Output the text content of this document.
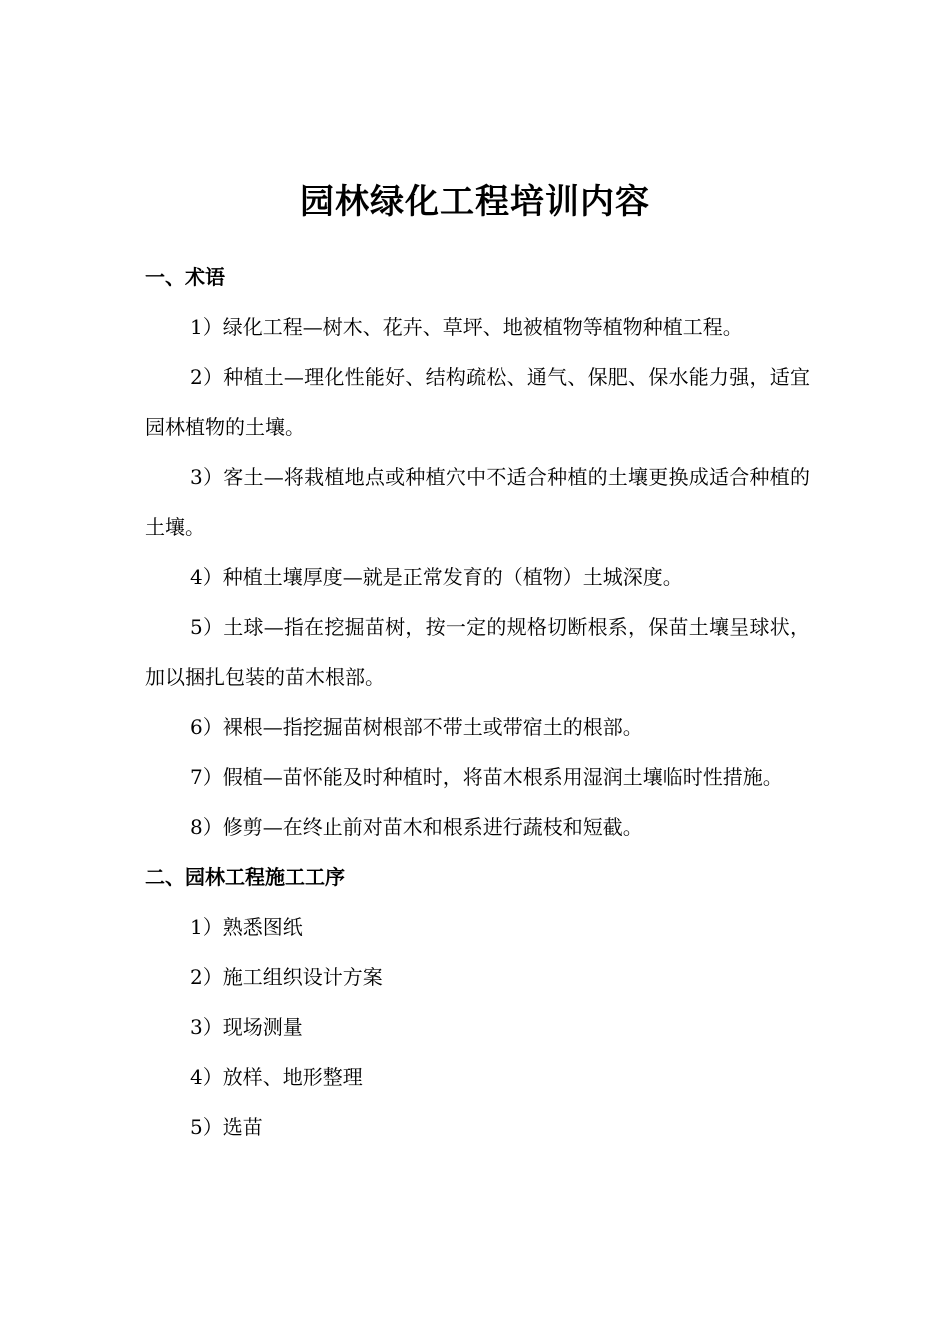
园林绿化工程培训内容

一、术语

1）绿化工程—树木、花卉、草坪、地被植物等植物种植工程。

2）种植土—理化性能好、结构疏松、通气、保肥、保水能力强，适宜园林植物的土壤。

3）客土—将栽植地点或种植穴中不适合种植的土壤更换成适合种植的土壤。

4）种植土壤厚度—就是正常发育的（植物）土城深度。

5）土球—指在挖掘苗树，按一定的规格切断根系，保苗土壤呈球状，加以捆扎包装的苗木根部。

6）裸根—指挖掘苗树根部不带土或带宿土的根部。

7）假植—苗怀能及时种植时，将苗木根系用湿润土壤临时性措施。

8）修剪—在终止前对苗木和根系进行蔬枝和短截。

二、园林工程施工工序

1）熟悉图纸

2）施工组织设计方案

3）现场测量

4）放样、地形整理

5）选苗
